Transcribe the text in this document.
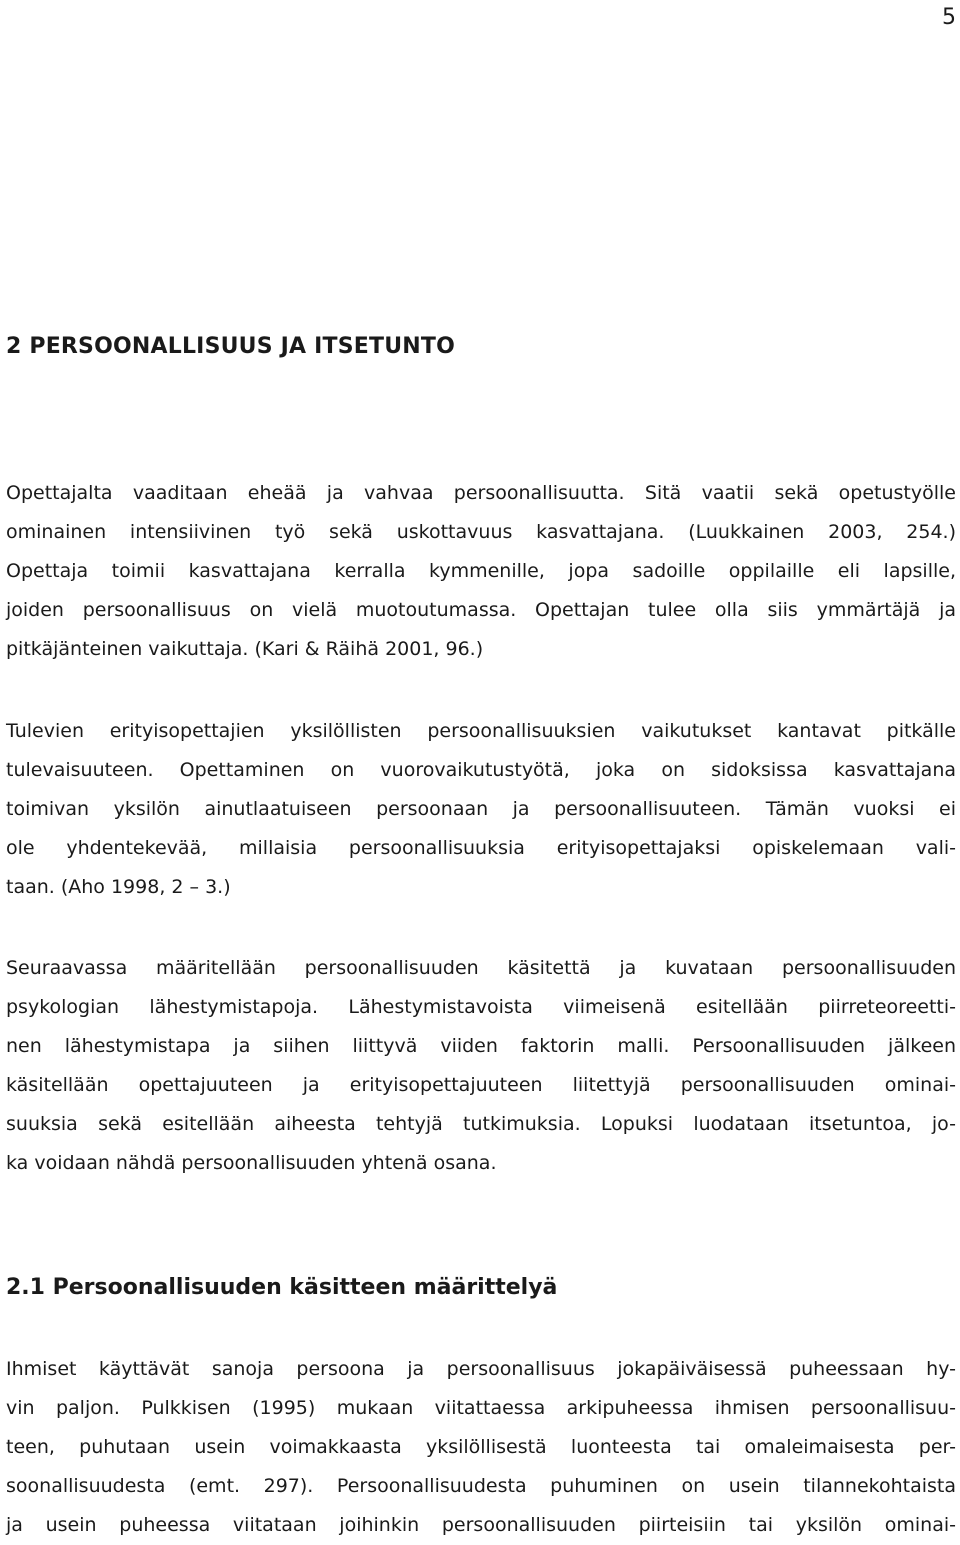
5
2 PERSOONALLISUUS JA ITSETUNTO
Opettajalta vaaditaan eheää ja vahvaa persoonallisuutta. Sitä vaatii sekä opetustyölle
ominainen intensiivinen työ sekä uskottavuus kasvattajana. (Luukkainen 2003, 254.)
Opettaja toimii kasvattajana kerralla kymmenille, jopa sadoille oppilaille eli lapsille,
joiden persoonallisuus on vielä muotoutumassa. Opettajan tulee olla siis ymmärtäjä ja
pitkäjänteinen vaikuttaja. (Kari & Räihä 2001, 96.)
Tulevien erityisopettajien yksilöllisten persoonallisuuksien vaikutukset kantavat pitkälle
tulevaisuuteen. Opettaminen on vuorovaikutustyötä, joka on sidoksissa kasvattajana
toimivan yksilön ainutlaatuiseen persoonaan ja persoonallisuuteen. Tämän vuoksi ei
ole yhdentekevää, millaisia persoonallisuuksia erityisopettajaksi opiskelemaan vali-
taan. (Aho 1998, 2 – 3.)
Seuraavassa määritellään persoonallisuuden käsitettä ja kuvataan persoonallisuuden
psykologian lähestymistapoja. Lähestymistavoista viimeisenä esitellään piirreteoreetti-
nen lähestymistapa ja siihen liittyvä viiden faktorin malli. Persoonallisuuden jälkeen
käsitellään opettajuuteen ja erityisopettajuuteen liitettyjä persoonallisuuden ominai-
suuksia sekä esitellään aiheesta tehtyjä tutkimuksia. Lopuksi luodataan itsetuntoa, jo-
ka voidaan nähdä persoonallisuuden yhtenä osana.
2.1 Persoonallisuuden käsitteen määrittelyä
Ihmiset käyttävät sanoja persoona ja persoonallisuus jokapäiväisessä puheessaan hy-
vin paljon. Pulkkisen (1995) mukaan viitattaessa arkipuheessa ihmisen persoonallisuu-
teen, puhutaan usein voimakkaasta yksilöllisestä luonteesta tai omaleimaisesta per-
soonallisuudesta (emt. 297). Persoonallisuudesta puhuminen on usein tilannekohtaista
ja usein puheessa viitataan joihinkin persoonallisuuden piirteisiin tai yksilön ominai-
